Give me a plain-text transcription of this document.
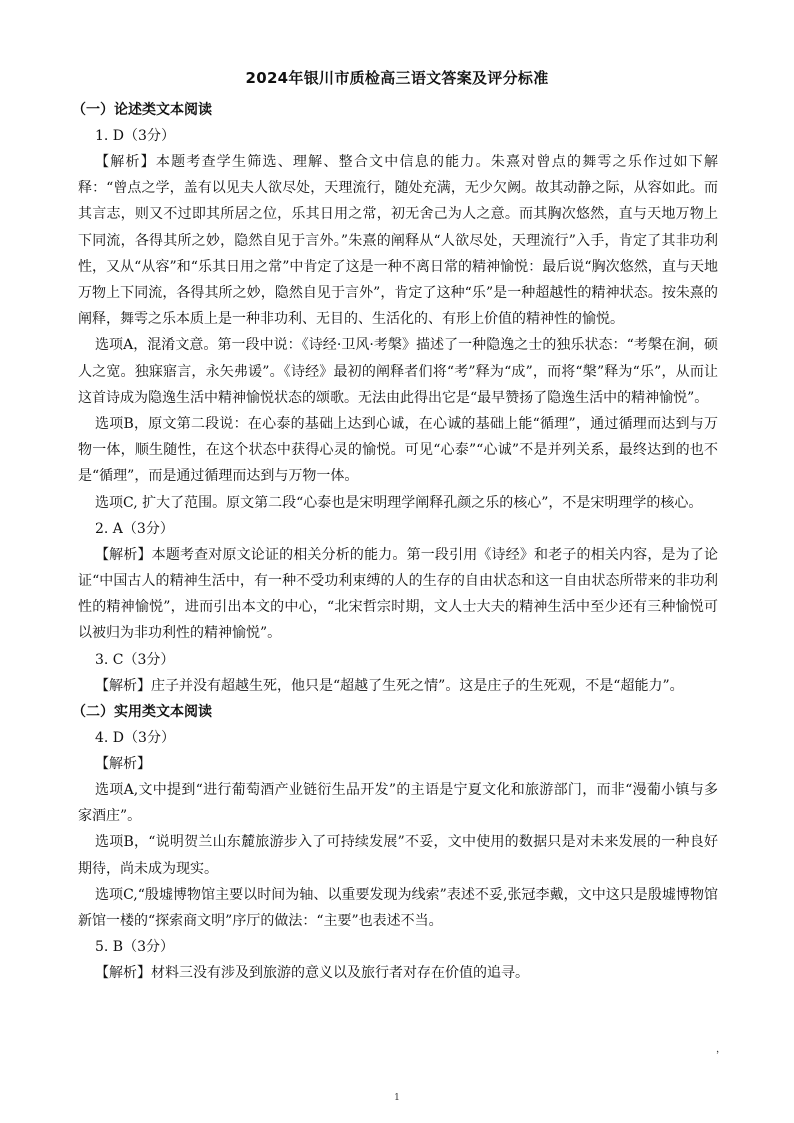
2024年银川市质检高三语文答案及评分标准
（一）论述类文本阅读
1. D（3分）

【解析】本题考查学生筛选、理解、整合文中信息的能力。朱熹对曾点的舞雩之乐作过如下解释：“曾点之学，盖有以见夫人欲尽处，天理流行，随处充满，无少欠阙。故其动静之际，从容如此。而其言志，则又不过即其所居之位，乐其日用之常，初无舍己为人之意。而其胸次悠然，直与天地万物上下同流，各得其所之妙，隐然自见于言外。”朱熹的阐释从“人欲尽处，天理流行”入手，肯定了其非功利性，又从“从容”和“乐其日用之常”中肯定了这是一种不离日常的精神愉悦：最后说“胸次悠然，直与天地万物上下同流，各得其所之妙，隐然自见于言外”，肯定了这种“乐”是一种超越性的精神状态。按朱熹的阐释，舞雩之乐本质上是一种非功利、无目的、生活化的、有形上价值的精神性的愉悦。

选项A，混淆文意。第一段中说：《诗经·卫风·考槃》描述了一种隐逸之士的独乐状态：“考槃在涧，硕人之宽。独寐寤言，永矢弗谖”。《诗经》最初的阐释者们将“考”释为“成”，而将“槃”释为“乐”，从而让这首诗成为隐逸生活中精神愉悦状态的颂歌。无法由此得出它是“最早赞扬了隐逸生活中的精神愉悦”。

选项B，原文第二段说：在心泰的基础上达到心诚，在心诚的基础上能“循理”，通过循理而达到与万物一体，顺生随性，在这个状态中获得心灵的愉悦。可见“心泰”“心诚”不是并列关系，最终达到的也不是“循理”，而是通过循理而达到与万物一体。

选项C, 扩大了范围。原文第二段“心泰也是宋明理学阐释孔颜之乐的核心”，不是宋明理学的核心。

2. A（3分）

【解析】本题考查对原文论证的相关分析的能力。第一段引用《诗经》和老子的相关内容，是为了论证“中国古人的精神生活中，有一种不受功利束缚的人的生存的自由状态和这一自由状态所带来的非功利性的精神愉悦”，进而引出本文的中心，“北宋哲宗时期，文人士大夫的精神生活中至少还有三种愉悦可以被归为非功利性的精神愉悦”。

3. C（3分）

【解析】庄子并没有超越生死，他只是“超越了生死之情”。这是庄子的生死观，不是“超能力”。

（二）实用类文本阅读
4. D（3分）

【解析】

选项A,文中提到“进行葡萄酒产业链衍生品开发”的主语是宁夏文化和旅游部门，而非“漫葡小镇与多家酒庄”。

选项B，“说明贺兰山东麓旅游步入了可持续发展”不妥，文中使用的数据只是对未来发展的一种良好期待，尚未成为现实。

选项C,“殷墟博物馆主要以时间为轴、以重要发现为线索”表述不妥,张冠李戴，文中这只是殷墟博物馆新馆一楼的“探索商文明”序厅的做法：“主要”也表述不当。

5. B（3分）

【解析】材料三没有涉及到旅游的意义以及旅行者对存在价值的追寻。

，
1
